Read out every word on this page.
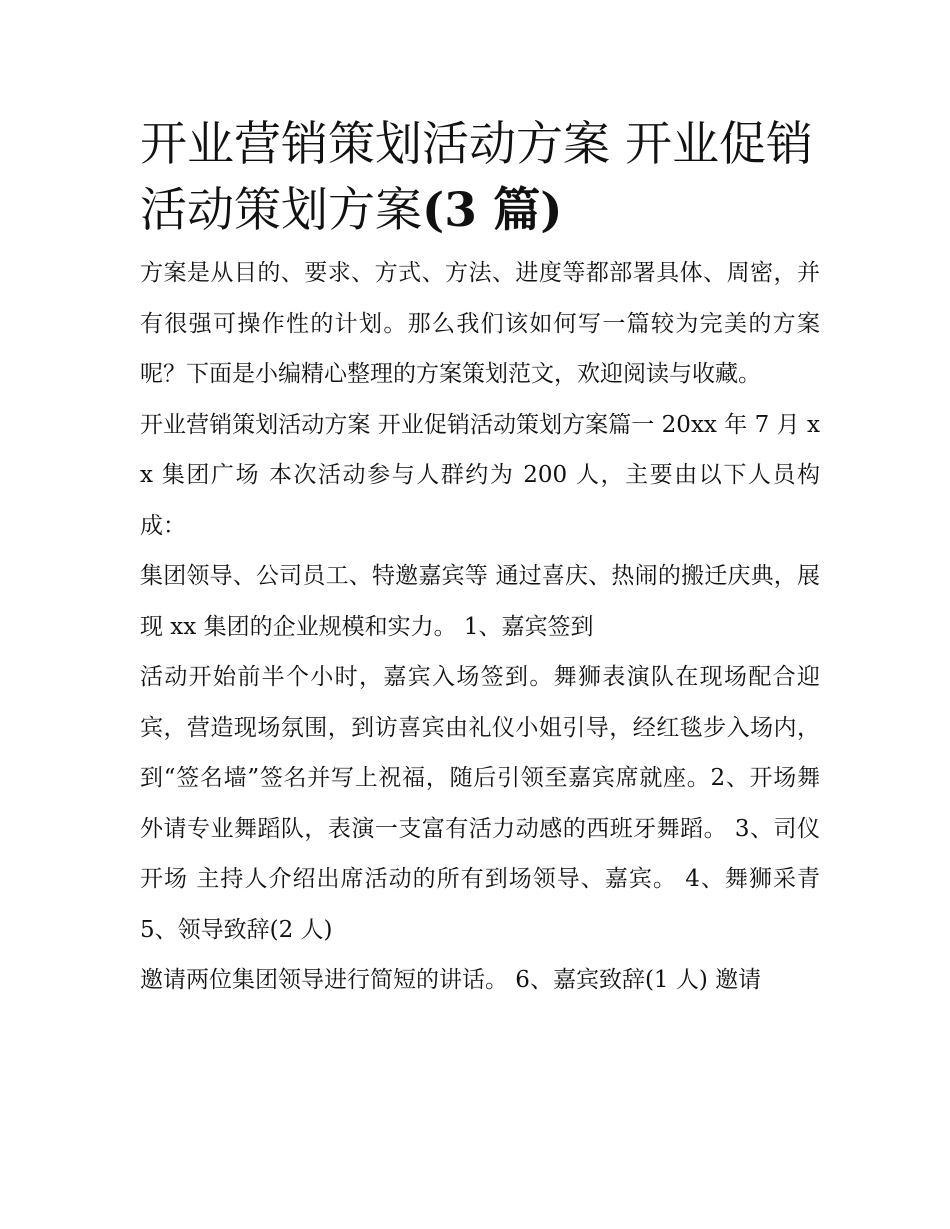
开业营销策划活动方案 开业促销活动策划方案(3 篇)

方案是从目的、要求、方式、方法、进度等都部署具体、周密，并有很强可操作性的计划。那么我们该如何写一篇较为完美的方案呢？下面是小编精心整理的方案策划范文，欢迎阅读与收藏。

开业营销策划活动方案 开业促销活动策划方案篇一 20xx 年 7 月 xx 集团广场 本次活动参与人群约为 200 人，主要由以下人员构成：

集团领导、公司员工、特邀嘉宾等 通过喜庆、热闹的搬迁庆典，展现 xx 集团的企业规模和实力。 1、嘉宾签到

活动开始前半个小时，嘉宾入场签到。舞狮表演队在现场配合迎宾，营造现场氛围，到访喜宾由礼仪小姐引导，经红毯步入场内，到“签名墙”签名并写上祝福，随后引领至嘉宾席就座。2、开场舞 外请专业舞蹈队，表演一支富有活力动感的西班牙舞蹈。 3、司仪开场 主持人介绍出席活动的所有到场领导、嘉宾。 4、舞狮采青 5、领导致辞(2 人)

邀请两位集团领导进行简短的讲话。 6、嘉宾致辞(1 人) 邀请
